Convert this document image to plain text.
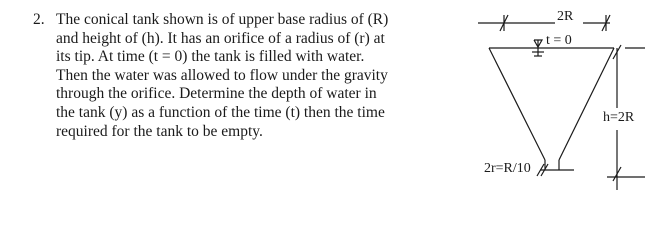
2. The conical tank shown is of upper base radius of (R)
and height of (h). It has an orifice of a radius of (r) at
its tip. At time (t = 0) the tank is filled with water.
Then the water was allowed to flow under the gravity
through the orifice. Determine the depth of water in
the tank (y) as a function of the time (t) then the time
required for the tank to be empty.
2R
t = 0
h=2R
2r=R/10
